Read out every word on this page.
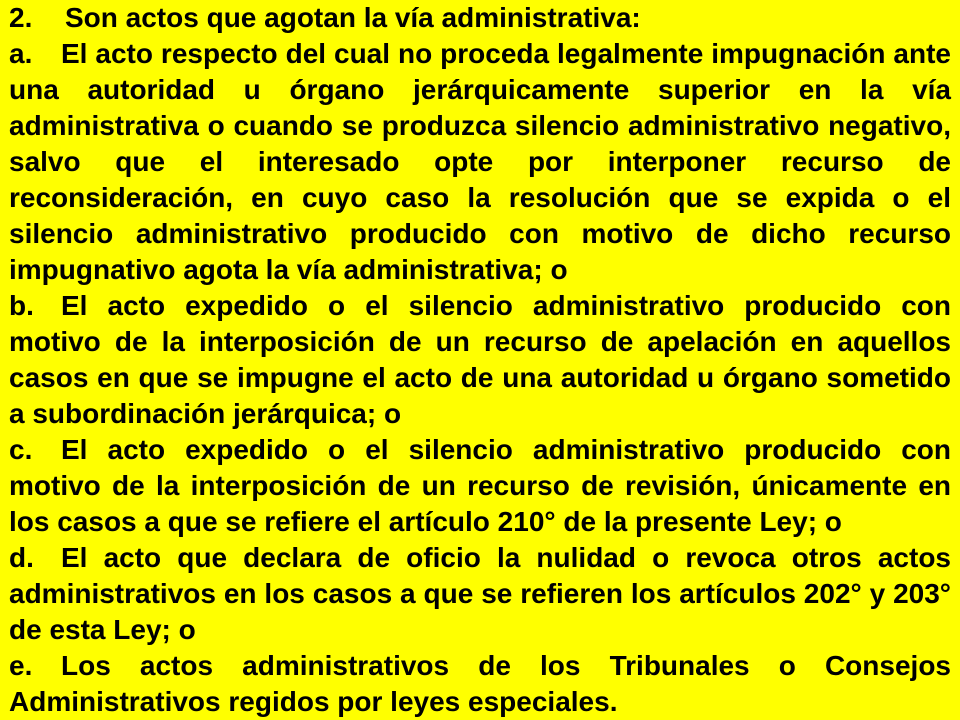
2. Son actos que agotan la vía administrativa:

a. El acto respecto del cual no proceda legalmente impugnación ante una autoridad u órgano jerárquicamente superior en la vía administrativa o cuando se produzca silencio administrativo negativo, salvo que el interesado opte por interponer recurso de reconsideración, en cuyo caso la resolución que se expida o el silencio administrativo producido con motivo de dicho recurso impugnativo agota la vía administrativa; o

b. El acto expedido o el silencio administrativo producido con motivo de la interposición de un recurso de apelación en aquellos casos en que se impugne el acto de una autoridad u órgano sometido a subordinación jerárquica; o

c. El acto expedido o el silencio administrativo producido con motivo de la interposición de un recurso de revisión, únicamente en los casos a que se refiere el artículo 210° de la presente Ley; o

d. El acto que declara de oficio la nulidad o revoca otros actos administrativos en los casos a que se refieren los artículos 202° y 203° de esta Ley; o

e. Los actos administrativos de los Tribunales o Consejos Administrativos regidos por leyes especiales.
